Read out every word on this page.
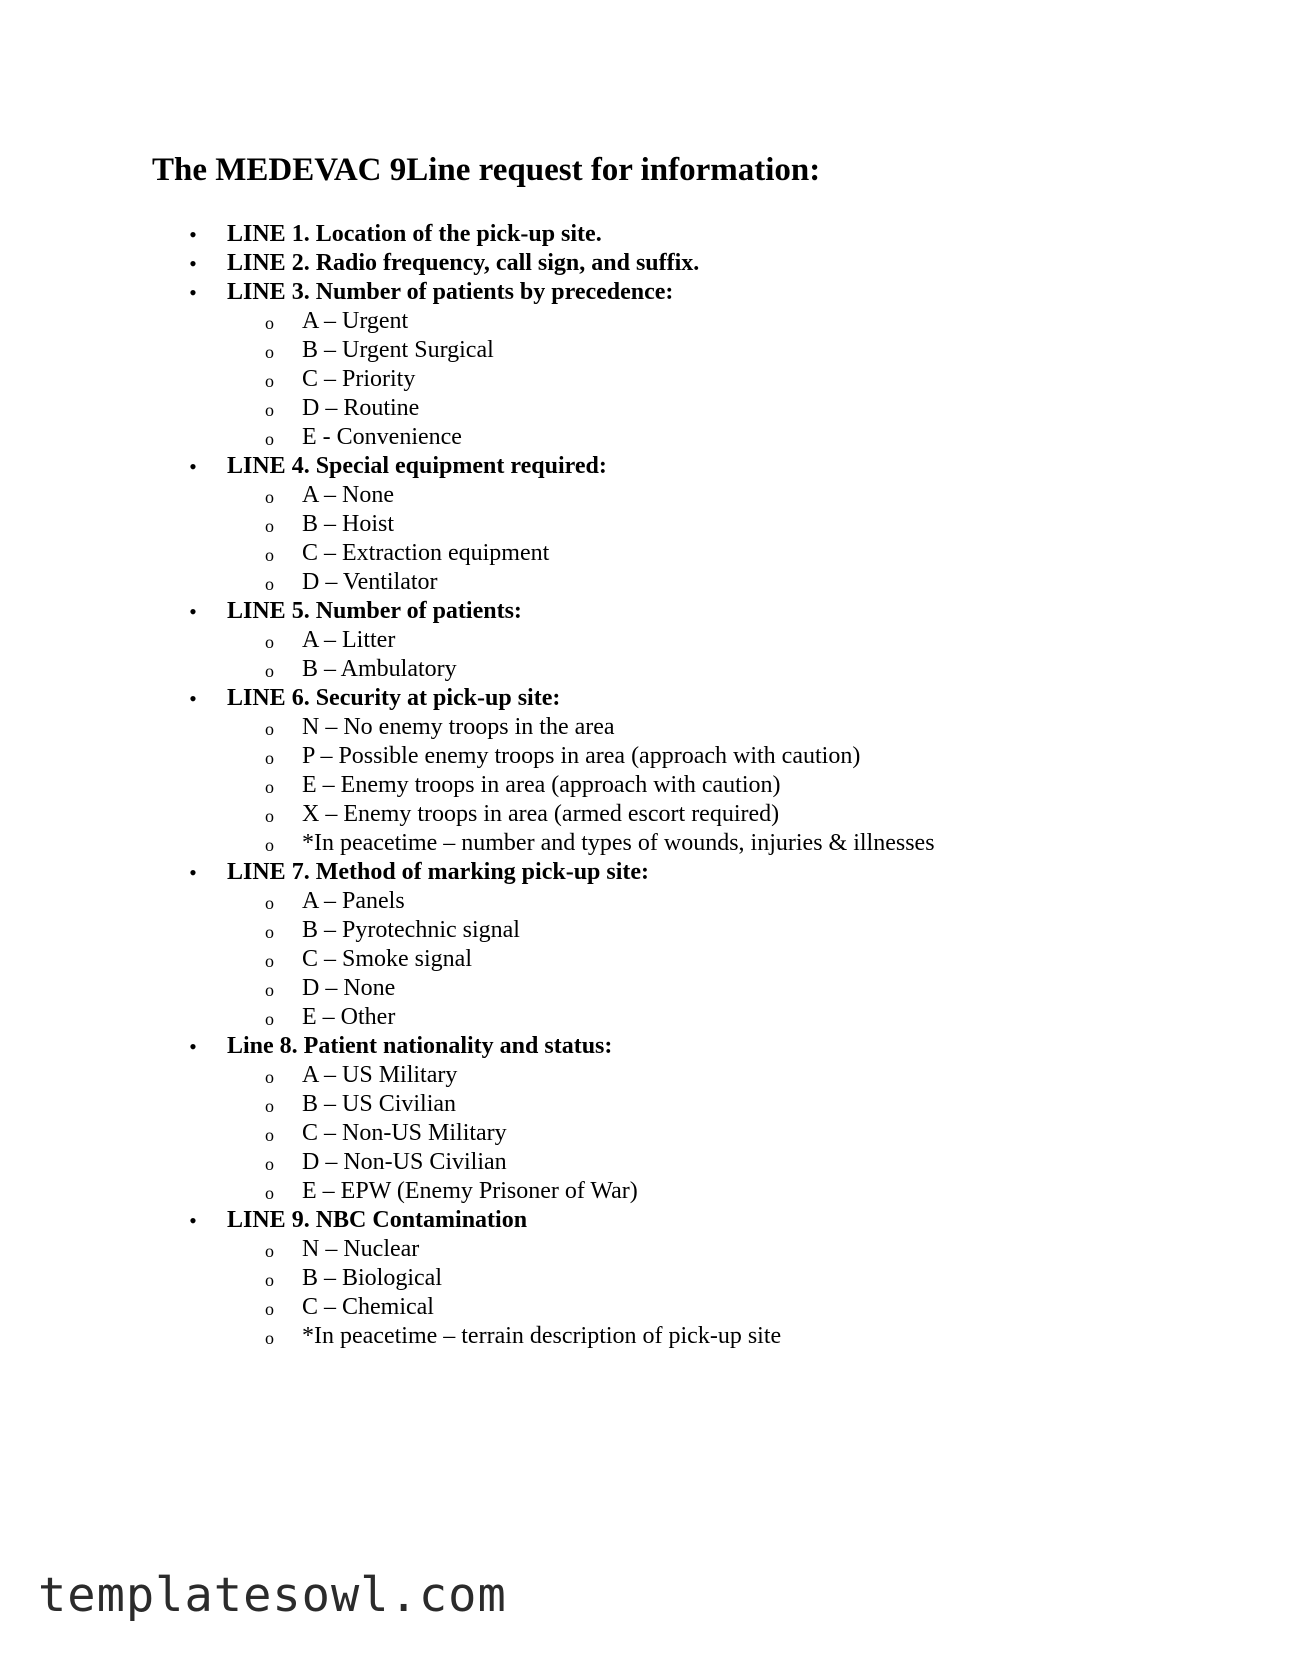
The MEDEVAC 9Line request for information:
• LINE 1. Location of the pick-up site.
• LINE 2. Radio frequency, call sign, and suffix.
• LINE 3. Number of patients by precedence:
o A – Urgent
o B – Urgent Surgical
o C – Priority
o D – Routine
o E - Convenience
• LINE 4. Special equipment required:
o A – None
o B – Hoist
o C – Extraction equipment
o D – Ventilator
• LINE 5. Number of patients:
o A – Litter
o B – Ambulatory
• LINE 6. Security at pick-up site:
o N – No enemy troops in the area
o P – Possible enemy troops in area (approach with caution)
o E – Enemy troops in area (approach with caution)
o X – Enemy troops in area (armed escort required)
o *In peacetime – number and types of wounds, injuries & illnesses
• LINE 7. Method of marking pick-up site:
o A – Panels
o B – Pyrotechnic signal
o C – Smoke signal
o D – None
o E – Other
• Line 8. Patient nationality and status:
o A – US Military
o B – US Civilian
o C – Non-US Military
o D – Non-US Civilian
o E – EPW (Enemy Prisoner of War)
• LINE 9. NBC Contamination
o N – Nuclear
o B – Biological
o C – Chemical
o *In peacetime – terrain description of pick-up site
templatesowl.com
